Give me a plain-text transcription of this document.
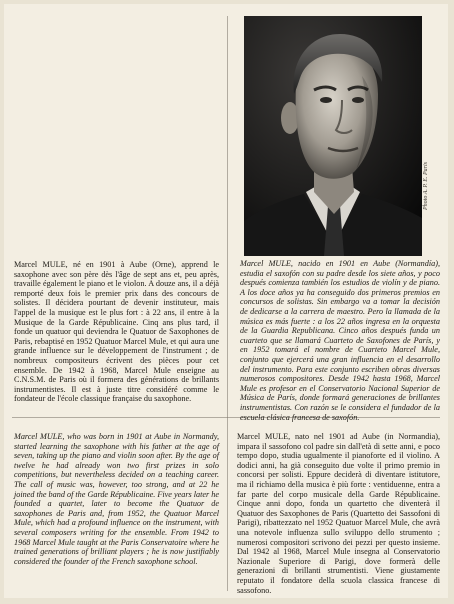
Photo A. P. E. Paris
Marcel MULE, né en 1901 à Aube (Orne), apprend le saxophone avec son père dès l'âge de sept ans et, peu après, travaille également le piano et le violon. A douze ans, il a déjà remporté deux fois le premier prix dans des concours de solistes. Il décidera pourtant de devenir instituteur, mais l'appel de la musique est le plus fort : à 22 ans, il entre à la Musique de la Garde Républicaine. Cinq ans plus tard, il fonde un quatuor qui deviendra le Quatuor de Saxophones de Paris, rebaptisé en 1952 Quatuor Marcel Mule, et qui aura une grande influence sur le développement de l'instrument ; de nombreux compositeurs écrivent des pièces pour cet ensemble. De 1942 à 1968, Marcel Mule enseigne au C.N.S.M. de Paris où il formera des générations de brillants instrumentistes. Il est à juste titre considéré comme le fondateur de l'école classique française du saxophone.
Marcel MULE, nacido en 1901 en Aube (Normandía), estudia el saxofón con su padre desde los siete años, y poco después comienza también los estudios de violín y de piano. A los doce años ya ha conseguido dos primeros premios en concursos de solistas. Sin embargo va a tomar la decisión de dedicarse a la carrera de maestro. Pero la llamada de la música es más fuerte : a los 22 años ingresa en la orquesta de la Guardia Republicana. Cinco años después funda un cuarteto que se llamará Cuarteto de Saxofones de París, y en 1952 tomará el nombre de Cuarteto Marcel Mule, conjunto que ejercerá una gran influencia en el desarrollo del instrumento. Para este conjunto escriben obras diversas numerosos compositores. Desde 1942 hasta 1968, Marcel Mule es profesor en el Conservatorio Nacional Superior de Música de París, donde formará generaciones de brillantes instrumentistas. Con razón se le considera el fundador de la escuela clásica francesa de saxofón.
Marcel MULE, who was born in 1901 at Aube in Normandy, started learning the saxophone with his father at the age of seven, taking up the piano and violin soon after. By the age of twelve he had already won two first prizes in solo competitions, but nevertheless decided on a teaching career. The call of music was, however, too strong, and at 22 he joined the band of the Garde Républicaine. Five years later he founded a quartet, later to become the Quatuor de saxophones de Paris and, from 1952, the Quatuor Marcel Mule, which had a profound influence on the instrument, with several composers writing for the ensemble. From 1942 to 1968 Marcel Mule taught at the Paris Conservatoire where he trained generations of brilliant players ; he is now justifiably considered the founder of the French saxophone school.
Marcel MULE, nato nel 1901 ad Aube (in Normandia), impara il sassofono col padre sin dall'età di sette anni, e poco tempo dopo, studia ugualmente il pianoforte ed il violino. A dodici anni, ha già conseguito due volte il primo premio in concorsi per solisti. Eppure deciderà di diventare istitutore, ma il richiamo della musica è più forte : ventiduenne, entra a far parte del corpo musicale della Garde Républicaine. Cinque anni dopo, fonda un quartetto che diventerà il Quatuor des Saxophones de Paris (Quartetto dei Sassofoni di Parigi), ribattezzato nel 1952 Quatuor Marcel Mule, che avrà una notevole influenza sullo sviluppo dello strumento ; numerosi compositori scrivono dei pezzi per questo insieme. Dal 1942 al 1968, Marcel Mule insegna al Conservatorio Nazionale Superiore di Parigi, dove formerà delle generazioni di brillanti strumentisti. Viene giustamente reputato il fondatore della scuola classica francese di sassofono.
